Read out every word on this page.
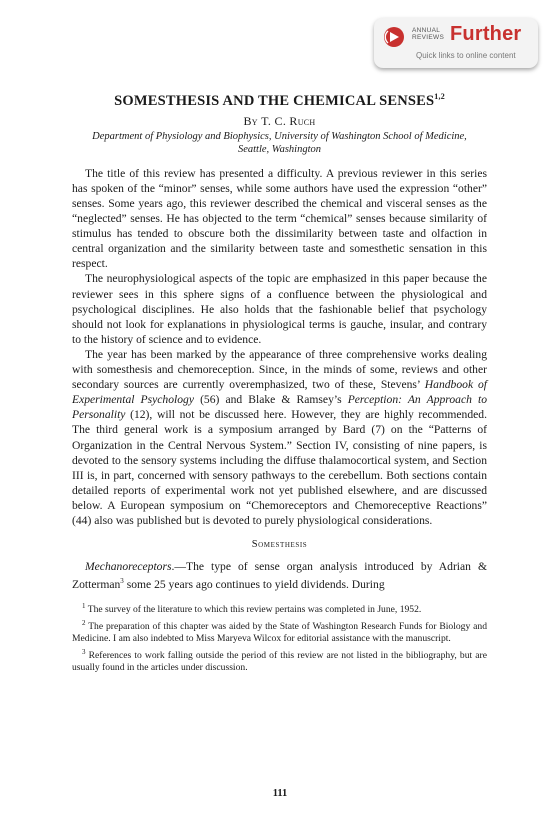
ANNUAL
REVIEWS Further
Quick links to online content
SOMESTHESIS AND THE CHEMICAL SENSES$^{1,2}$
By T. C. Ruch
Department of Physiology and Biophysics, University of Washington School of Medicine, Seattle, Washington

The title of this review has presented a difficulty. A previous reviewer in this series has spoken of the “minor” senses, while some authors have used the expression “other” senses. Some years ago, this reviewer described the chemical and visceral senses as the “neglected” senses. He has objected to the term “chemical” senses because similarity of stimulus has tended to obscure both the dissimilarity between taste and olfaction in central organization and the similarity between taste and somesthetic sensation in this respect.

The neurophysiological aspects of the topic are emphasized in this paper because the reviewer sees in this sphere signs of a confluence between the physiological and psychological disciplines. He also holds that the fashionable belief that psychology should not look for explanations in physiological terms is gauche, insular, and contrary to the history of science and to evidence.

The year has been marked by the appearance of three comprehensive works dealing with somesthesis and chemoreception. Since, in the minds of some, reviews and other secondary sources are currently overemphasized, two of these, Stevens’ Handbook of Experimental Psychology (56) and Blake & Ramsey’s Perception: An Approach to Personality (12), will not be discussed here. However, they are highly recommended. The third general work is a symposium arranged by Bard (7) on the “Patterns of Organization in the Central Nervous System.” Section IV, consisting of nine papers, is devoted to the sensory systems including the diffuse thalamocortical system, and Section III is, in part, concerned with sensory pathways to the cerebellum. Both sections contain detailed reports of experimental work not yet published elsewhere, and are discussed below. A European symposium on “Chemoreceptors and Chemoreceptive Reactions” (44) also was published but is devoted to purely physiological considerations.

Somesthesis

Mechanoreceptors.—The type of sense organ analysis introduced by Adrian & Zotterman$^3$ some 25 years ago continues to yield dividends. During

$^1$ The survey of the literature to which this review pertains was completed in June, 1952.

$^2$ The preparation of this chapter was aided by the State of Washington Research Funds for Biology and Medicine. I am also indebted to Miss Maryeva Wilcox for editorial assistance with the manuscript.

$^3$ References to work falling outside the period of this review are not listed in the bibliography, but are usually found in the articles under discussion.

111
